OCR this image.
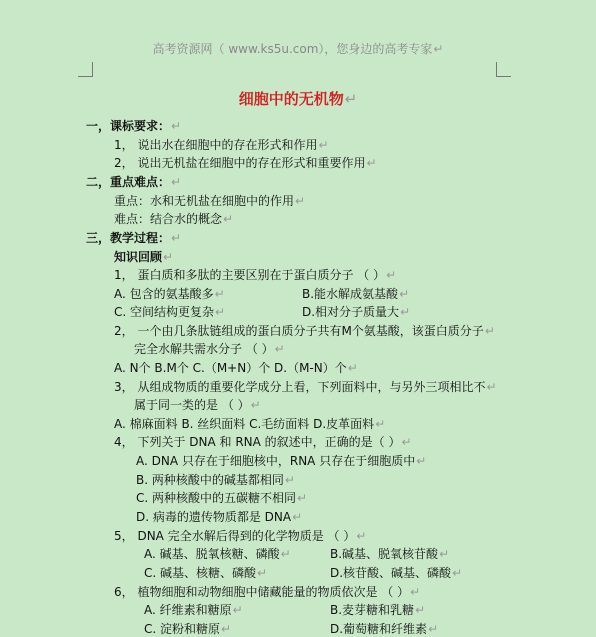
高考资源网（ www.ks5u.com），您身边的高考专家↵
细胞中的无机物↵
一，课标要求：↵
1， 说出水在细胞中的存在形式和作用↵
2， 说出无机盐在细胞中的存在形式和重要作用↵
二，重点难点：↵
重点：水和无机盐在细胞中的作用↵
难点：结合水的概念↵
三，教学过程：↵
知识回顾↵
1， 蛋白质和多肽的主要区别在于蛋白质分子 （ ）↵
A. 包含的氨基酸多↵	B.能水解成氨基酸↵
C. 空间结构更复杂↵	D.相对分子质量大↵
2， 一个由几条肽链组成的蛋白质分子共有M个氨基酸，该蛋白质分子↵
完全水解共需水分子 （ ）↵
A. N个 B.M个 C.（M+N）个 D.（M-N）个↵
3， 从组成物质的重要化学成分上看，下列面料中，与另外三项相比不↵
属于同一类的是 （ ）↵
A. 棉麻面料 B. 丝织面料 C.毛纺面料 D.皮革面料↵
4， 下列关于 DNA 和 RNA 的叙述中，正确的是（ ）↵
A. DNA 只存在于细胞核中，RNA 只存在于细胞质中↵
B. 两种核酸中的碱基都相同↵
C. 两种核酸中的五碳糖不相同↵
D. 病毒的遗传物质都是 DNA↵
5， DNA 完全水解后得到的化学物质是 （ ）↵
A. 碱基、脱氧核糖、磷酸↵	B.碱基、脱氧核苷酸↵
C. 碱基、核糖、磷酸↵	D.核苷酸、碱基、磷酸↵
6， 植物细胞和动物细胞中储藏能量的物质依次是 （ ）↵
A. 纤维素和糖原↵	B.麦芽糖和乳糖↵
C. 淀粉和糖原↵	D.葡萄糖和纤维素↵
